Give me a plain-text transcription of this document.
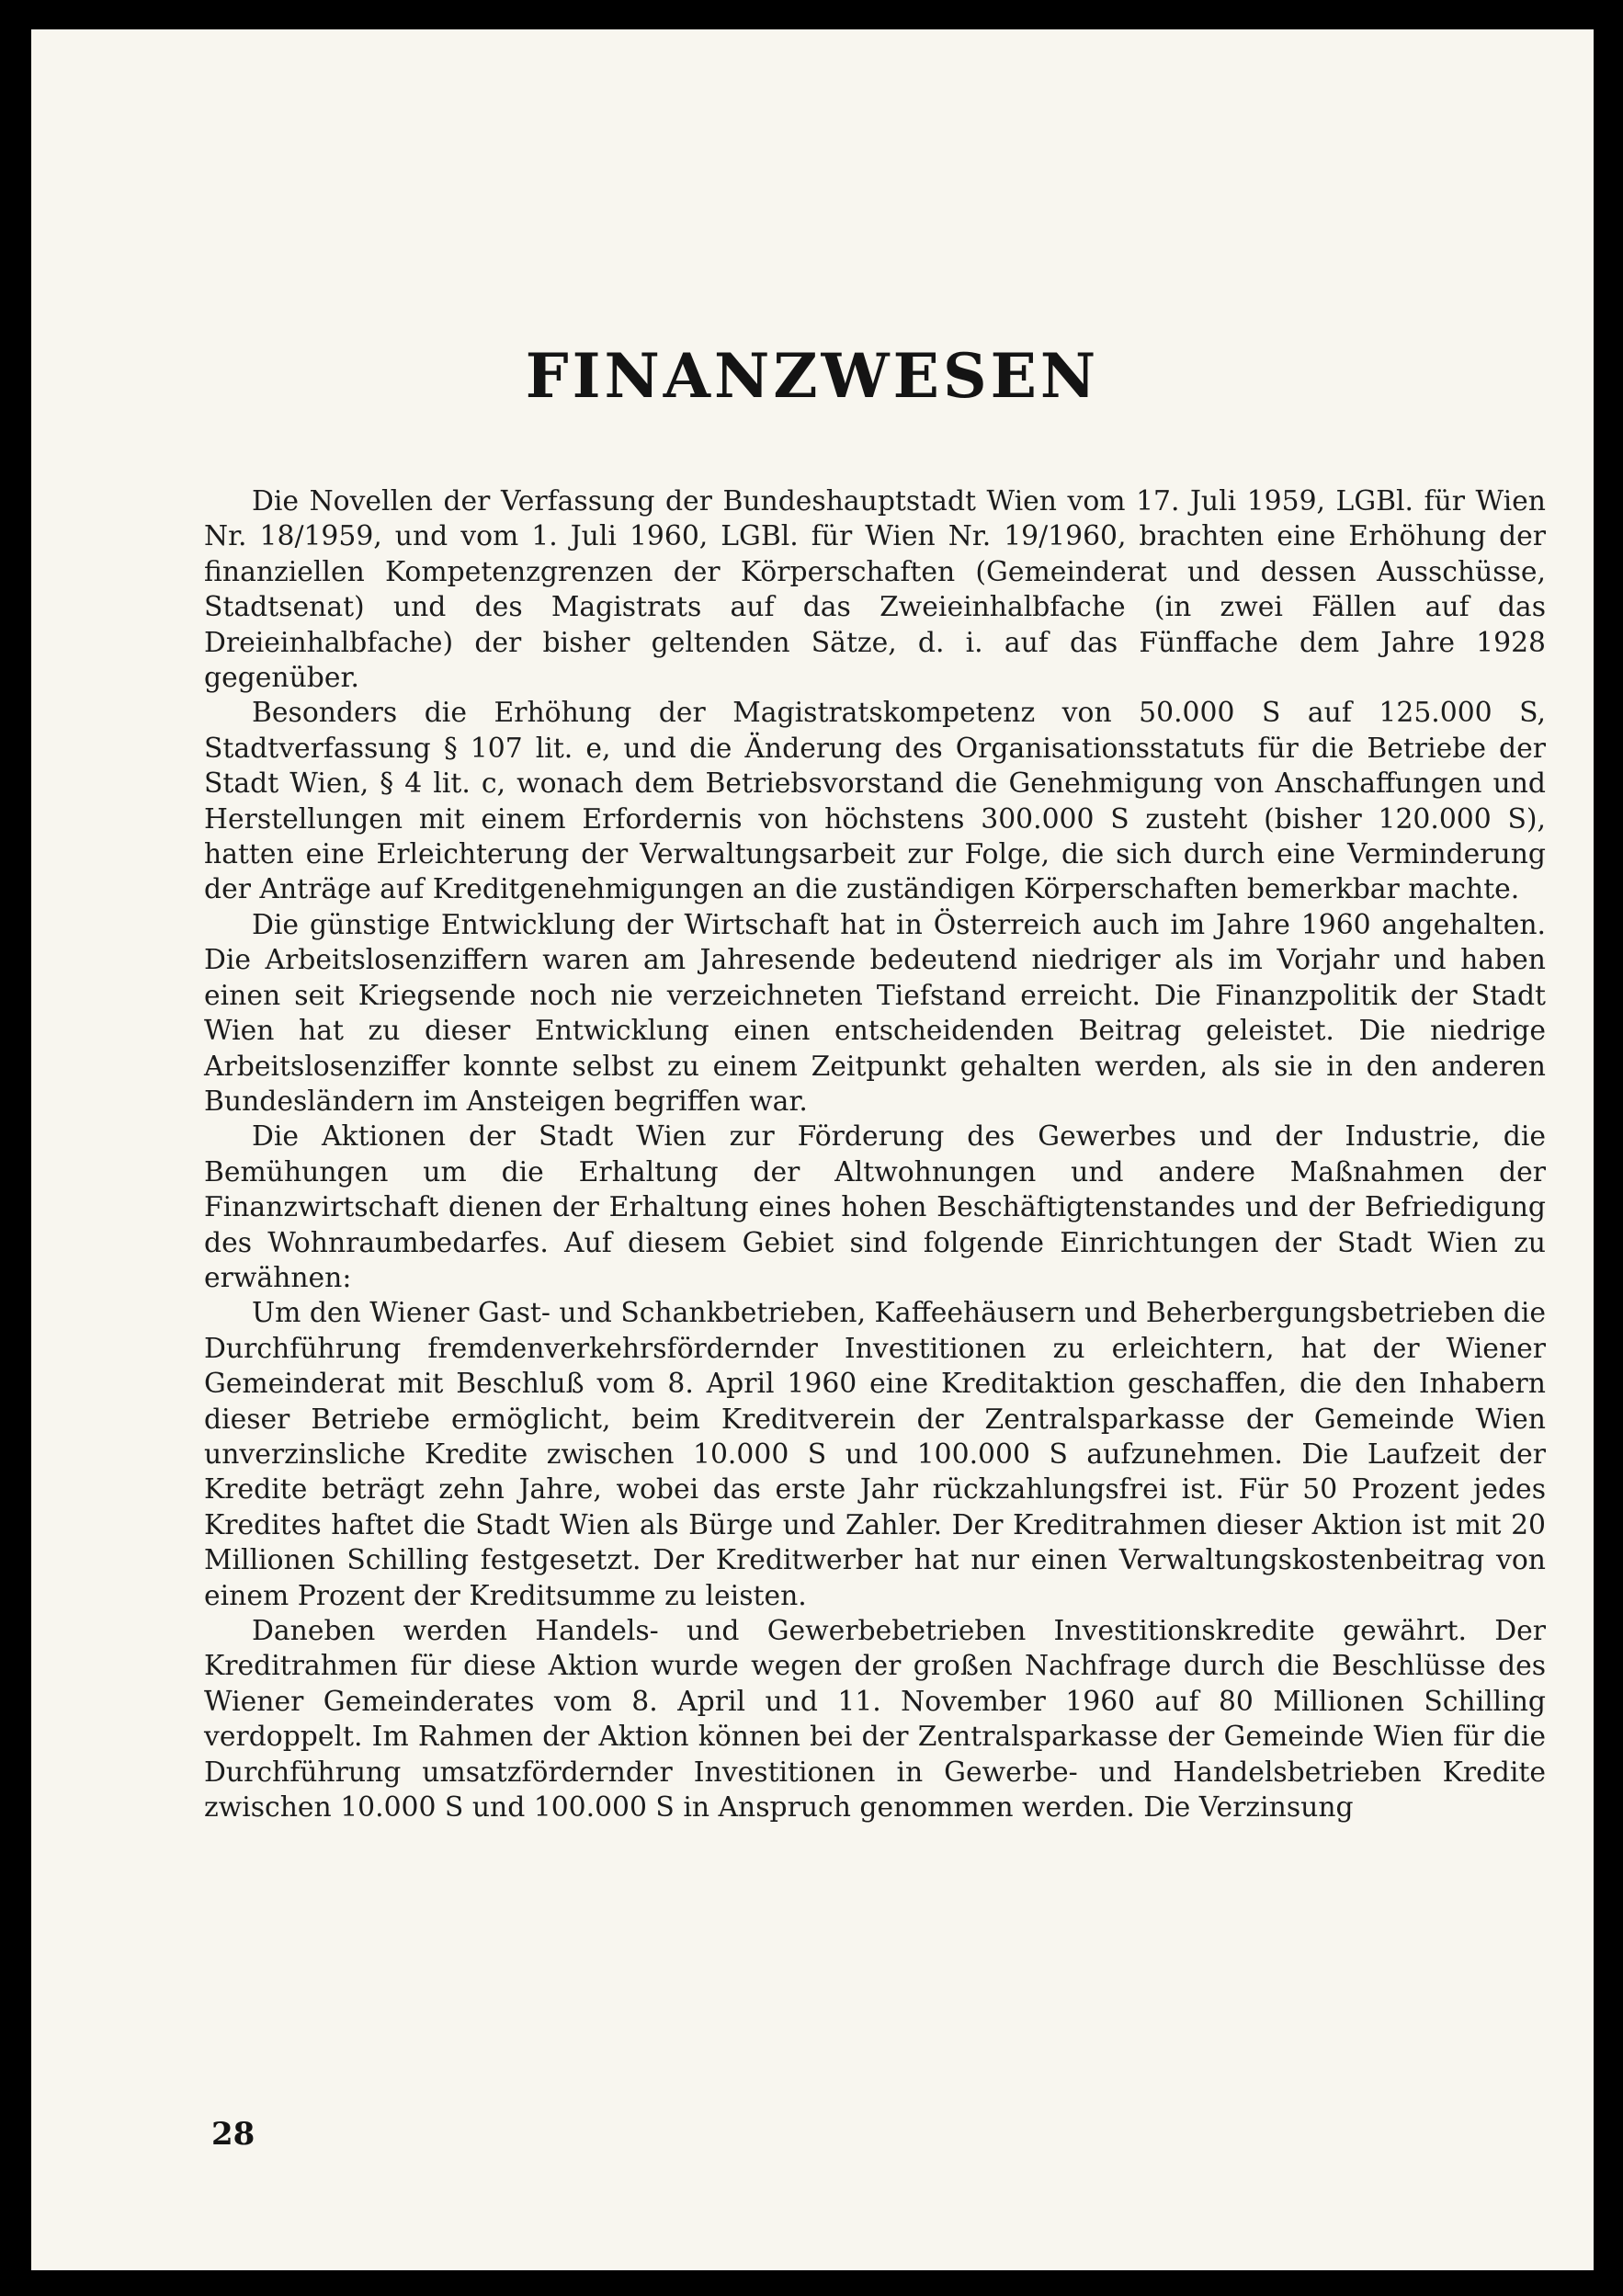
FINANZWESEN

Die Novellen der Verfassung der Bundeshauptstadt Wien vom 17. Juli 1959, LGBl. für Wien Nr. 18/1959, und vom 1. Juli 1960, LGBl. für Wien Nr. 19/1960, brachten eine Erhöhung der finanziellen Kompetenzgrenzen der Körperschaften (Gemeinderat und dessen Ausschüsse, Stadtsenat) und des Magistrats auf das Zweieinhalbfache (in zwei Fällen auf das Dreieinhalbfache) der bisher geltenden Sätze, d. i. auf das Fünffache dem Jahre 1928 gegenüber.

Besonders die Erhöhung der Magistratskompetenz von 50.000 S auf 125.000 S, Stadtverfassung § 107 lit. e, und die Änderung des Organisationsstatuts für die Betriebe der Stadt Wien, § 4 lit. c, wonach dem Betriebsvorstand die Genehmigung von Anschaffungen und Herstellungen mit einem Erfordernis von höchstens 300.000 S zusteht (bisher 120.000 S), hatten eine Erleichterung der Verwaltungsarbeit zur Folge, die sich durch eine Verminderung der Anträge auf Kreditgenehmigungen an die zuständigen Körperschaften bemerkbar machte.

Die günstige Entwicklung der Wirtschaft hat in Österreich auch im Jahre 1960 angehalten. Die Arbeitslosenziffern waren am Jahresende bedeutend niedriger als im Vorjahr und haben einen seit Kriegsende noch nie verzeichneten Tiefstand erreicht. Die Finanzpolitik der Stadt Wien hat zu dieser Entwicklung einen entscheidenden Beitrag geleistet. Die niedrige Arbeitslosenziffer konnte selbst zu einem Zeitpunkt gehalten werden, als sie in den anderen Bundesländern im Ansteigen begriffen war.

Die Aktionen der Stadt Wien zur Förderung des Gewerbes und der Industrie, die Bemühungen um die Erhaltung der Altwohnungen und andere Maßnahmen der Finanzwirtschaft dienen der Erhaltung eines hohen Beschäftigtenstandes und der Befriedigung des Wohnraumbedarfes. Auf diesem Gebiet sind folgende Einrichtungen der Stadt Wien zu erwähnen:

Um den Wiener Gast- und Schankbetrieben, Kaffeehäusern und Beherbergungsbetrieben die Durchführung fremdenverkehrsfördernder Investitionen zu erleichtern, hat der Wiener Gemeinderat mit Beschluß vom 8. April 1960 eine Kreditaktion geschaffen, die den Inhabern dieser Betriebe ermöglicht, beim Kreditverein der Zentralsparkasse der Gemeinde Wien unverzinsliche Kredite zwischen 10.000 S und 100.000 S aufzunehmen. Die Laufzeit der Kredite beträgt zehn Jahre, wobei das erste Jahr rückzahlungsfrei ist. Für 50 Prozent jedes Kredites haftet die Stadt Wien als Bürge und Zahler. Der Kreditrahmen dieser Aktion ist mit 20 Millionen Schilling festgesetzt. Der Kreditwerber hat nur einen Verwaltungskostenbeitrag von einem Prozent der Kreditsumme zu leisten.

Daneben werden Handels- und Gewerbebetrieben Investitionskredite gewährt. Der Kreditrahmen für diese Aktion wurde wegen der großen Nachfrage durch die Beschlüsse des Wiener Gemeinderates vom 8. April und 11. November 1960 auf 80 Millionen Schilling verdoppelt. Im Rahmen der Aktion können bei der Zentralsparkasse der Gemeinde Wien für die Durchführung umsatzfördernder Investitionen in Gewerbe- und Handelsbetrieben Kredite zwischen 10.000 S und 100.000 S in Anspruch genommen werden. Die Verzinsung

28
